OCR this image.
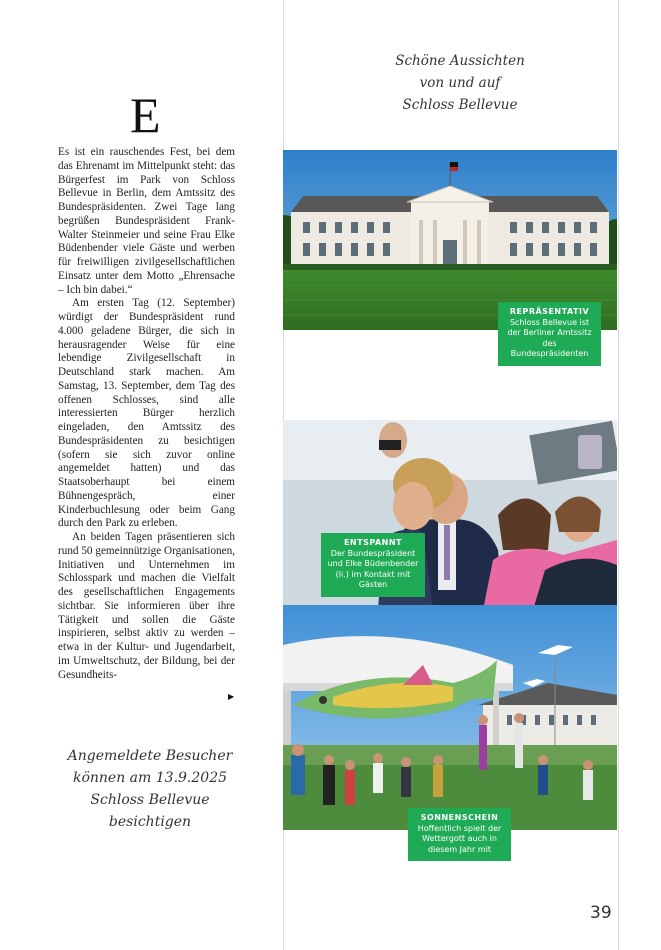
Schöne Aussichten
von und auf
Schloss Bellevue
E

Es ist ein rauschendes Fest, bei dem das Ehrenamt im Mittelpunkt steht: das Bürgerfest im Park von Schloss Bellevue in Berlin, dem Amtssitz des Bundespräsidenten. Zwei Tage lang begrüßen Bundespräsident Frank-Walter Steinmeier und seine Frau Elke Büdenbender viele Gäste und werben für freiwilligen zivilgesellschaftlichen Einsatz unter dem Motto „Ehrensache – Ich bin dabei.“

Am ersten Tag (12. September) würdigt der Bundespräsident rund 4.000 geladene Bürger, die sich in herausragender Weise für eine lebendige Zivilgesellschaft in Deutschland stark machen. Am Samstag, 13. September, dem Tag des offenen Schlosses, sind alle interessierten Bürger herzlich eingeladen, den Amtssitz des Bundespräsidenten zu besichtigen (sofern sie sich zuvor online angemeldet hatten) und das Staatsoberhaupt bei einem Bühnengespräch, einer Kinderbuchlesung oder beim Gang durch den Park zu erleben.

An beiden Tagen präsentieren sich rund 50 gemeinnützige Organisationen, Initiativen und Unternehmen im Schlosspark und machen die Vielfalt des gesellschaftlichen Engagements sichtbar. Sie informieren über ihre Tätigkeit und sollen die Gäste inspirieren, selbst aktiv zu werden – etwa in der Kultur- und Jugendarbeit, im Umweltschutz, der Bildung, bei der Gesundheits-

▶
Angemeldete Besucher
können am 13.9.2025
Schloss Bellevue
besichtigen
REPRÄSENTATIV
Schloss Bellevue ist der Berliner Amtssitz des Bundespräsidenten
ENTSPANNT
Der Bundespräsident und Elke Büdenbender (li.) im Kontakt mit Gästen
SONNENSCHEIN
Hoffentlich spielt der Wettergott auch in diesem Jahr mit
39
